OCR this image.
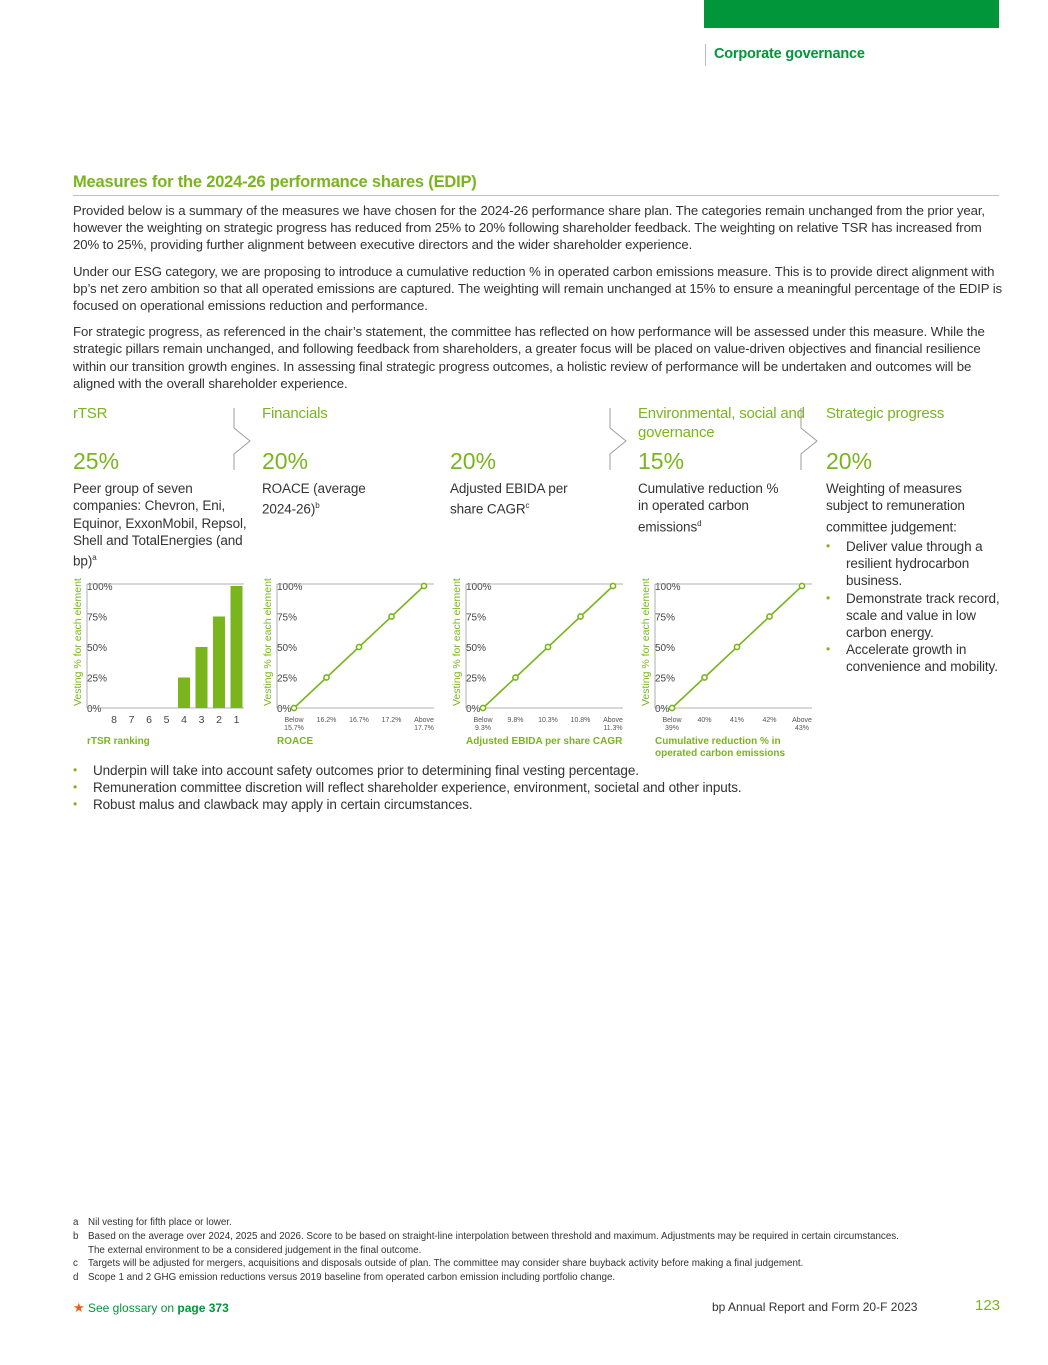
Corporate governance
Measures for the 2024-26 performance shares (EDIP)

Provided below is a summary of the measures we have chosen for the 2024-26 performance share plan. The categories remain unchanged from the prior year, however the weighting on strategic progress has reduced from 25% to 20% following shareholder feedback. The weighting on relative TSR has increased from 20% to 25%, providing further alignment between executive directors and the wider shareholder experience.

Under our ESG category, we are proposing to introduce a cumulative reduction % in operated carbon emissions measure. This is to provide direct alignment with bp’s net zero ambition so that all operated emissions are captured. The weighting will remain unchanged at 15% to ensure a meaningful percentage of the EDIP is focused on operational emissions reduction and performance.

For strategic progress, as referenced in the chair’s statement, the committee has reflected on how performance will be assessed under this measure. While the strategic pillars remain unchanged, and following feedback from shareholders, a greater focus will be placed on value-driven objectives and financial resilience within our transition growth engines. In assessing final strategic progress outcomes, a holistic review of performance will be undertaken and outcomes will be aligned with the overall shareholder experience.

rTSR
25%
Peer group of seven companies: Chevron, Eni, Equinor, ExxonMobil, Repsol, Shell and TotalEnergies (and bp)$^a$
Financials
20%
ROACE (average 2024-26)$^b$
20%
Adjusted EBIDA per share CAGR$^c$
Environmental, social and governance
15%
Cumulative reduction % in operated carbon emissions$^d$
Strategic progress
20%
Weighting of measures subject to remuneration committee judgement:
• Deliver value through a resilient hydrocarbon business.
• Demonstrate track record, scale and value in low carbon energy.
• Accelerate growth in convenience and mobility.
Vesting % for each element 100%
75%
50%
25%
0%
8 7 6 5 4 3 2 1
rTSR ranking
Vesting % for each element 100%
75%
50%
25%
0%
Below
15.7%
16.2% 16.7% 17.2% Above
17.7%
ROACE
Vesting % for each element 100%
75%
50%
25%
0%
Below
9.3%
9.8% 10.3% 10.8% Above
11.3%
Adjusted EBIDA per share CAGR
Vesting % for each element 100%
75%
50%
25%
0%
Below
39%
40%	41%	42% Above
43%
Cumulative reduction % in
operated carbon emissions
• Underpin will take into account safety outcomes prior to determining final vesting percentage.
• Remuneration committee discretion will reflect shareholder experience, environment, societal and other inputs.
• Robust malus and clawback may apply in certain circumstances.
a Nil vesting for fifth place or lower.
b Based on the average over 2024, 2025 and 2026. Score to be based on straight-line interpolation between threshold and maximum. Adjustments may be required in certain circumstances.
The external environment to be a considered judgement in the final outcome.
c	Targets will be adjusted for mergers, acquisitions and disposals outside of plan. The committee may consider share buyback activity before making a final judgement.
d Scope 1 and 2 GHG emission reductions versus 2019 baseline from operated carbon emission including portfolio change.
★ See glossary on page 373	bp Annual Report and Form 20-F 2023	123
